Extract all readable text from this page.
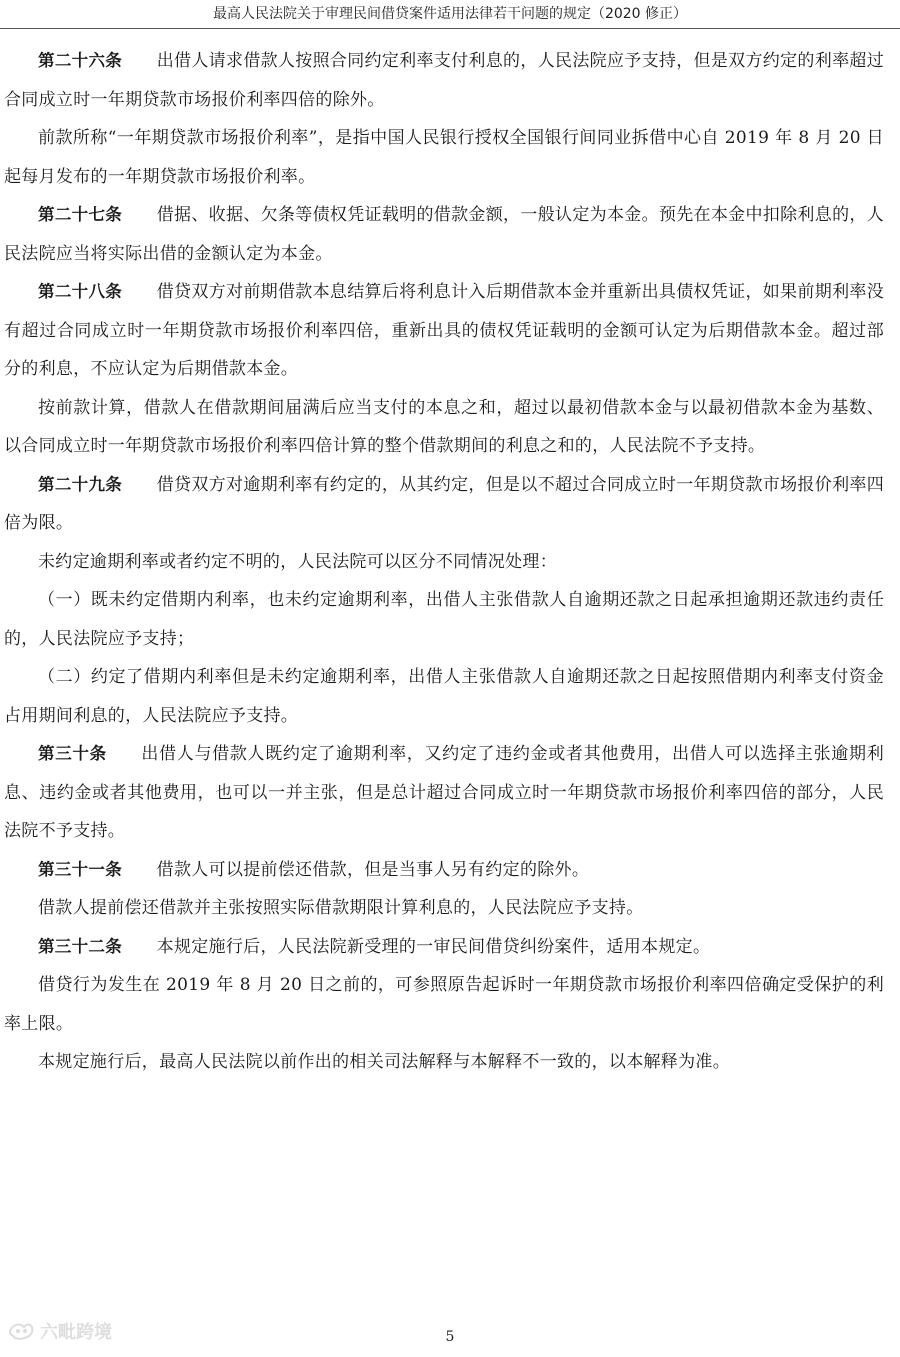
最高人民法院关于审理民间借贷案件适用法律若干问题的规定（2020 修正）

第二十六条 出借人请求借款人按照合同约定利率支付利息的，人民法院应予支持，但是双方约定的利率超过合同成立时一年期贷款市场报价利率四倍的除外。

前款所称“一年期贷款市场报价利率”，是指中国人民银行授权全国银行间同业拆借中心自 2019 年 8 月 20 日起每月发布的一年期贷款市场报价利率。

第二十七条 借据、收据、欠条等债权凭证载明的借款金额，一般认定为本金。预先在本金中扣除利息的，人民法院应当将实际出借的金额认定为本金。

第二十八条 借贷双方对前期借款本息结算后将利息计入后期借款本金并重新出具债权凭证，如果前期利率没有超过合同成立时一年期贷款市场报价利率四倍，重新出具的债权凭证载明的金额可认定为后期借款本金。超过部分的利息，不应认定为后期借款本金。

按前款计算，借款人在借款期间届满后应当支付的本息之和，超过以最初借款本金与以最初借款本金为基数、以合同成立时一年期贷款市场报价利率四倍计算的整个借款期间的利息之和的，人民法院不予支持。

第二十九条 借贷双方对逾期利率有约定的，从其约定，但是以不超过合同成立时一年期贷款市场报价利率四倍为限。

未约定逾期利率或者约定不明的，人民法院可以区分不同情况处理：

（一）既未约定借期内利率，也未约定逾期利率，出借人主张借款人自逾期还款之日起承担逾期还款违约责任的，人民法院应予支持；

（二）约定了借期内利率但是未约定逾期利率，出借人主张借款人自逾期还款之日起按照借期内利率支付资金占用期间利息的，人民法院应予支持。

第三十条 出借人与借款人既约定了逾期利率，又约定了违约金或者其他费用，出借人可以选择主张逾期利息、违约金或者其他费用，也可以一并主张，但是总计超过合同成立时一年期贷款市场报价利率四倍的部分，人民法院不予支持。

第三十一条 借款人可以提前偿还借款，但是当事人另有约定的除外。

借款人提前偿还借款并主张按照实际借款期限计算利息的，人民法院应予支持。

第三十二条 本规定施行后，人民法院新受理的一审民间借贷纠纷案件，适用本规定。

借贷行为发生在 2019 年 8 月 20 日之前的，可参照原告起诉时一年期贷款市场报价利率四倍确定受保护的利率上限。

本规定施行后，最高人民法院以前作出的相关司法解释与本解释不一致的，以本解释为准。

六毗跨境	5
